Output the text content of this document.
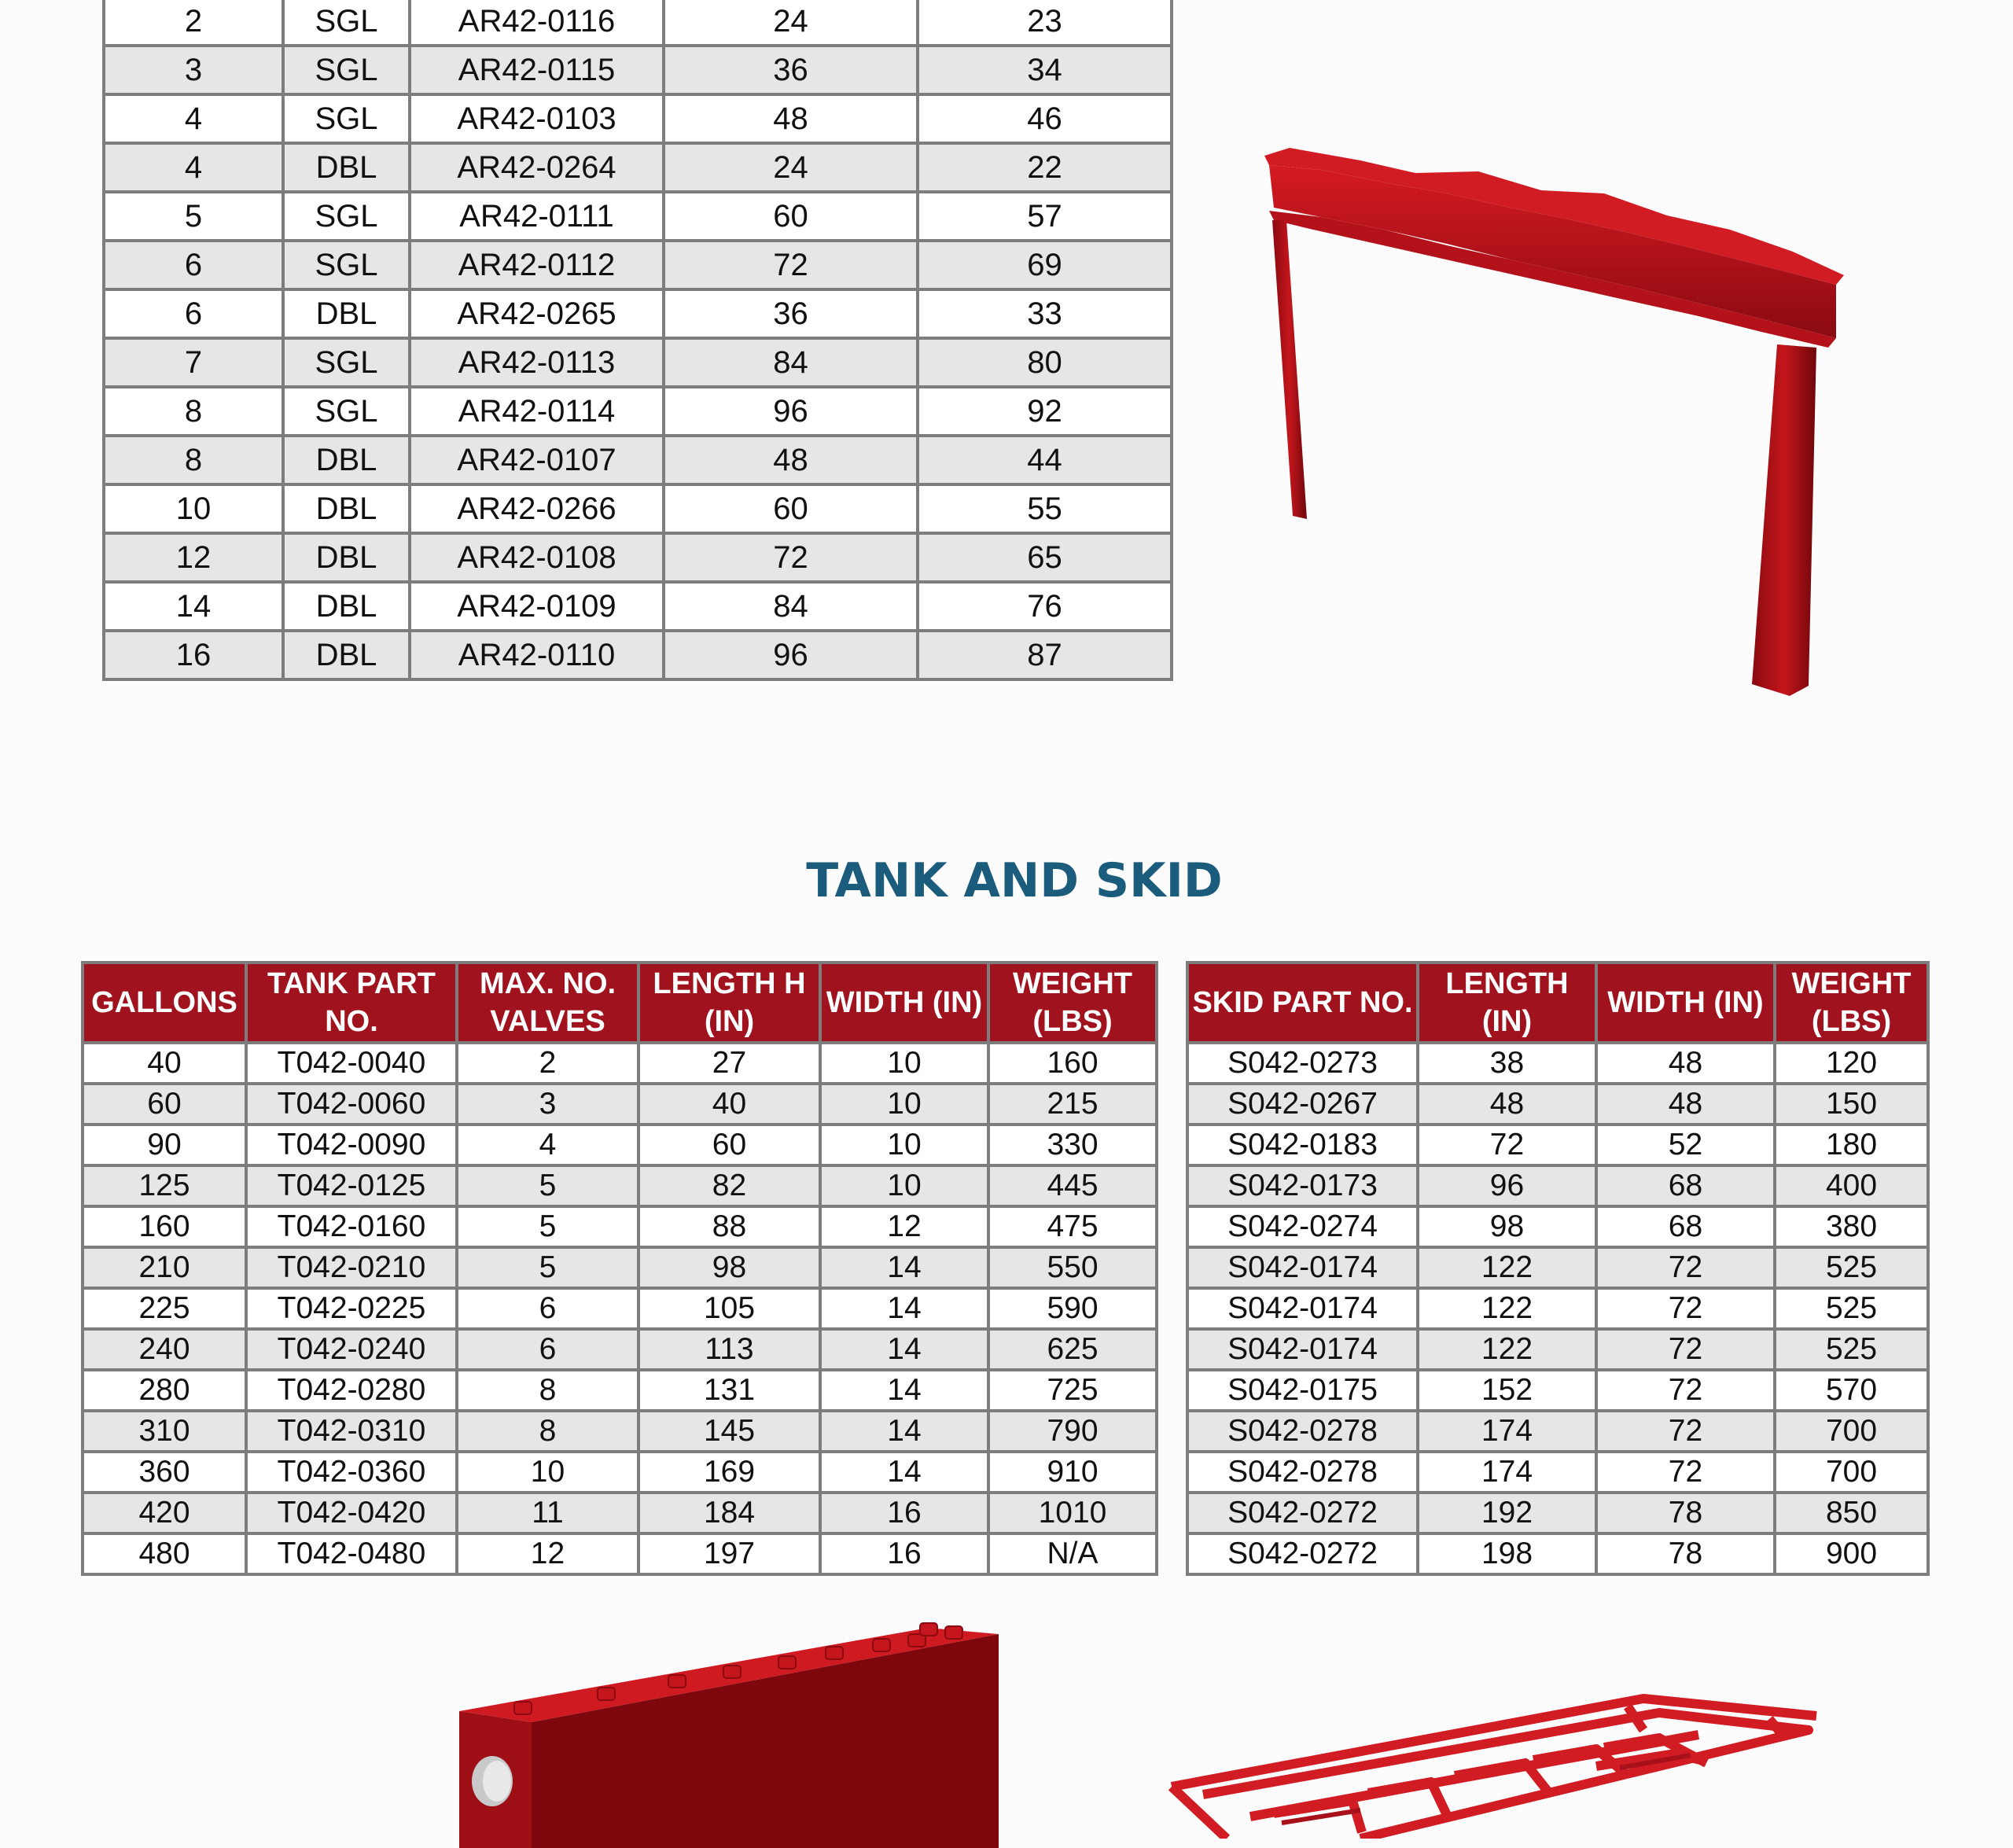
2	SGL	AR42-0116	24	23
3	SGL	AR42-0115	36	34
4	SGL	AR42-0103	48	46
4	DBL	AR42-0264	24	22
5	SGL	AR42-0111	60	57
6	SGL	AR42-0112	72	69
6	DBL	AR42-0265	36	33
7	SGL	AR42-0113	84	80
8	SGL	AR42-0114	96	92
8	DBL	AR42-0107	48	44
10	DBL	AR42-0266	60	55
12	DBL	AR42-0108	72	65
14	DBL	AR42-0109	84	76
16	DBL	AR42-0110	96	87
TANK AND SKID
GALLONS	TANK PART NO.	MAX. NO. VALVES	LENGTH H (IN)	WIDTH (IN)	WEIGHT (LBS)
40	T042-0040	2	27	10	160
60	T042-0060	3	40	10	215
90	T042-0090	4	60	10	330
125	T042-0125	5	82	10	445
160	T042-0160	5	88	12	475
210	T042-0210	5	98	14	550
225	T042-0225	6	105	14	590
240	T042-0240	6	113	14	625
280	T042-0280	8	131	14	725
310	T042-0310	8	145	14	790
360	T042-0360	10	169	14	910
420	T042-0420	11	184	16	1010
480	T042-0480	12	197	16	N/A
SKID PART NO.	LENGTH (IN)	WIDTH (IN)	WEIGHT (LBS)
S042-0273	38	48	120
S042-0267	48	48	150
S042-0183	72	52	180
S042-0173	96	68	400
S042-0274	98	68	380
S042-0174	122	72	525
S042-0174	122	72	525
S042-0174	122	72	525
S042-0175	152	72	570
S042-0278	174	72	700
S042-0278	174	72	700
S042-0272	192	78	850
S042-0272	198	78	900
